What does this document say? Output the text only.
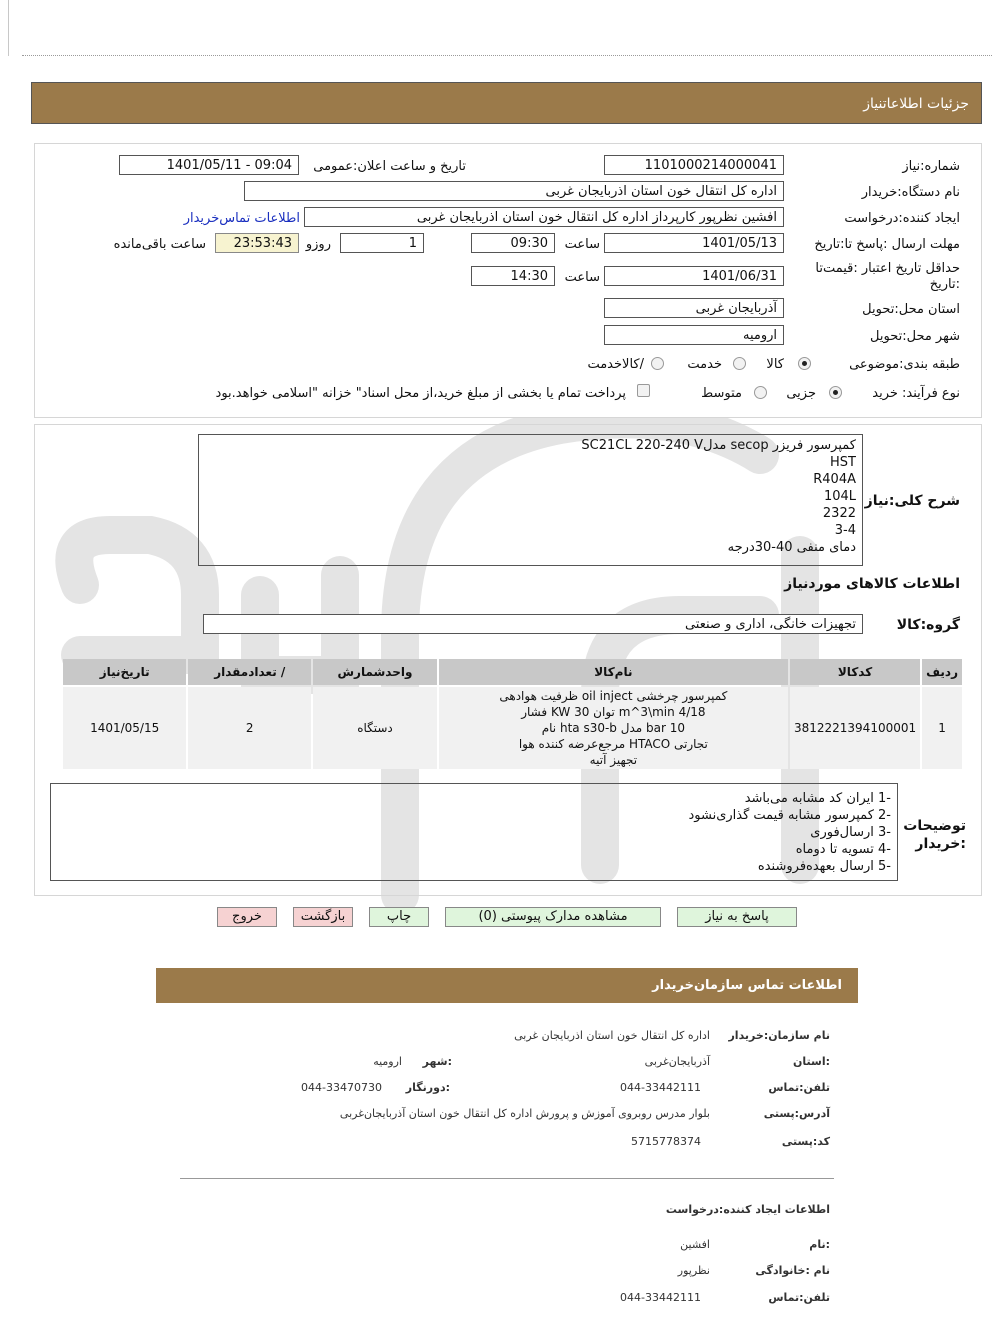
جزئیات اطلاعاتنیاز
شماره:نیاز
1101000214000041
تاریخ و ساعت اعلان:عمومی
1401/05/11 - 09:04
نام دستگاه:خریدار
اداره کل انتقال خون استان اذربایجان غربی
ایجاد کننده:درخواست
افشین نظرپور کارپرداز اداره کل انتقال خون استان اذربایجان غربی
اطلاعات تماس‌خریدار
مهلت ارسال :پاسخ تا:تاریخ
1401/05/13
ساعت
09:30
1
روزو
23:53:43
ساعت باقی‌مانده
حداقل تاریخ اعتبار :قیمت‌تا
:تاریخ
1401/06/31
ساعت
14:30
استان محل:تحویل
آذربایجان غربی
شهر محل:تحویل
ارومیه
طبقه بندی:موضوعی
کالا
خدمت
/کالاخدمت
نوع فرآیند: خرید
جزیی
متوسط
پرداخت تمام یا بخشی از مبلغ خرید،از محل اسناد" خزانه "اسلامی خواهد.بود
شرح کلی:نیاز
کمپرسور فریزر secop مدلSC21CL 220-240 V
HST
R404A
104L
2322
3-4
دمای منفی 40-30درجه
اطلاعات کالاهای موردنیاز
گروه:کالا
تجهیزات خانگی، اداری و صنعتی
ردیف	کدکالا	نام‌کالا	واحدشمارش	/ تعدادمقدار	تاریخ‌نیاز
1	3812221394100001	کمپرسور چرخشی oil inject ظرفیت هوادهی
4/18 m^3\min توان 30 KW فشار
10 bar مدل hta s30-b نام
تجارتی HTACO مرجع‌عرضه کننده هوا
تجهیز آتیه	دستگاه	2	1401/05/15
توضیحات
:خریدار
-1 ایران کد مشابه می‌باشد
-2 کمپرسور مشابه قیمت گذاری‌نشود
-3 ارسال‌فوری
-4 تسویه تا دوماه
-5 ارسال بعهده‌فروشنده
پاسخ به نیاز
مشاهده مدارک پیوستی (0)
چاپ
بازگشت
خروج
اطلاعات تماس سازمان‌خریدار
نام سازمان:خریدار
اداره کل انتقال خون استان اذربایجان غربی
:استان
آذربایجان‌غربی
:شهر
ارومیه
تلفن:تماس
044-33442111
:دورنگار
044-33470730
آدرس:پستی
بلوار مدرس روبروی آموزش و پرورش اداره کل انتقال خون استان آذربایجان‌غربی
کد:پستی
5715778374
اطلاعات ایجاد کننده:درخواست
:نام
افشین
نام :خانوادگی
نظرپور
تلفن:تماس
044-33442111
